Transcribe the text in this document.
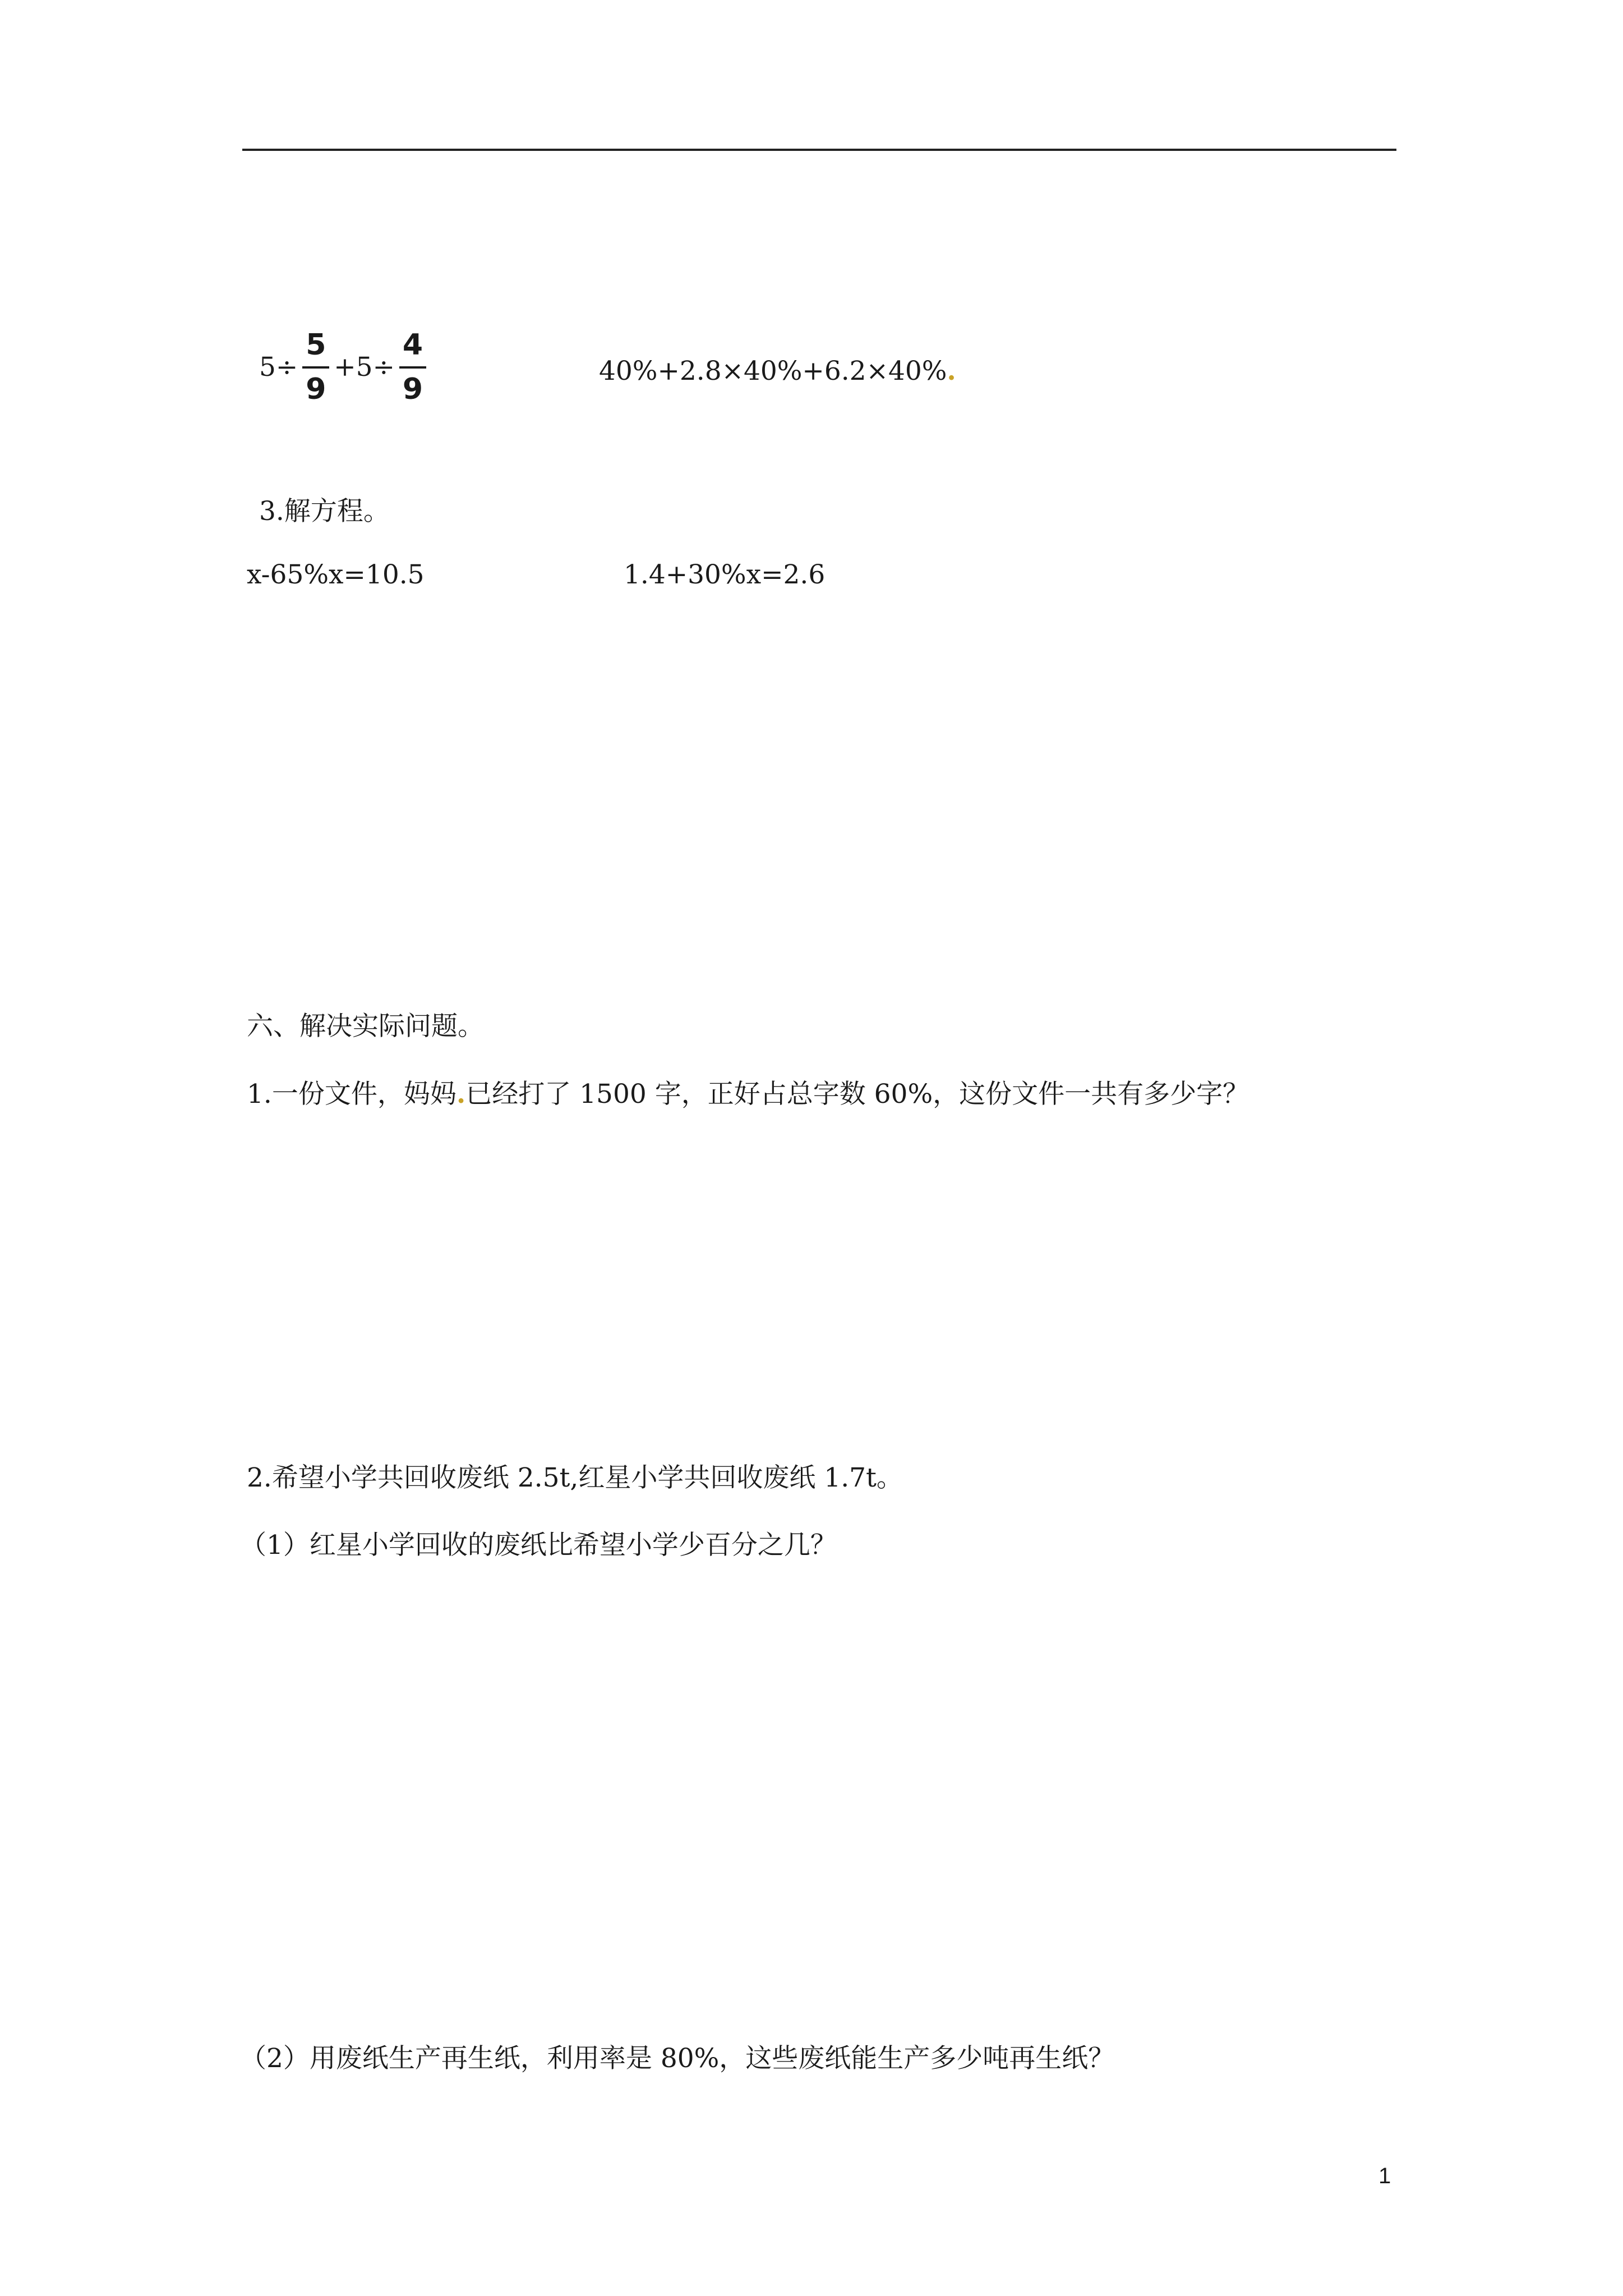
$5\div \frac{5}{9} +5\div \frac{4}{9}$	40%+2.8×40%+6.2×40%.
3.解方程。
x-65%x=10.5	1.4+30%x=2.6
六、解决实际问题。
1.一份文件，妈妈.已经打了 1500 字，正好占总字数 60%，这份文件一共有多少字？
2.希望小学共回收废纸 2.5t,红星小学共回收废纸 1.7t。
（1）红星小学回收的废纸比希望小学少百分之几？
（2）用废纸生产再生纸，利用率是 80%，这些废纸能生产多少吨再生纸？
1
